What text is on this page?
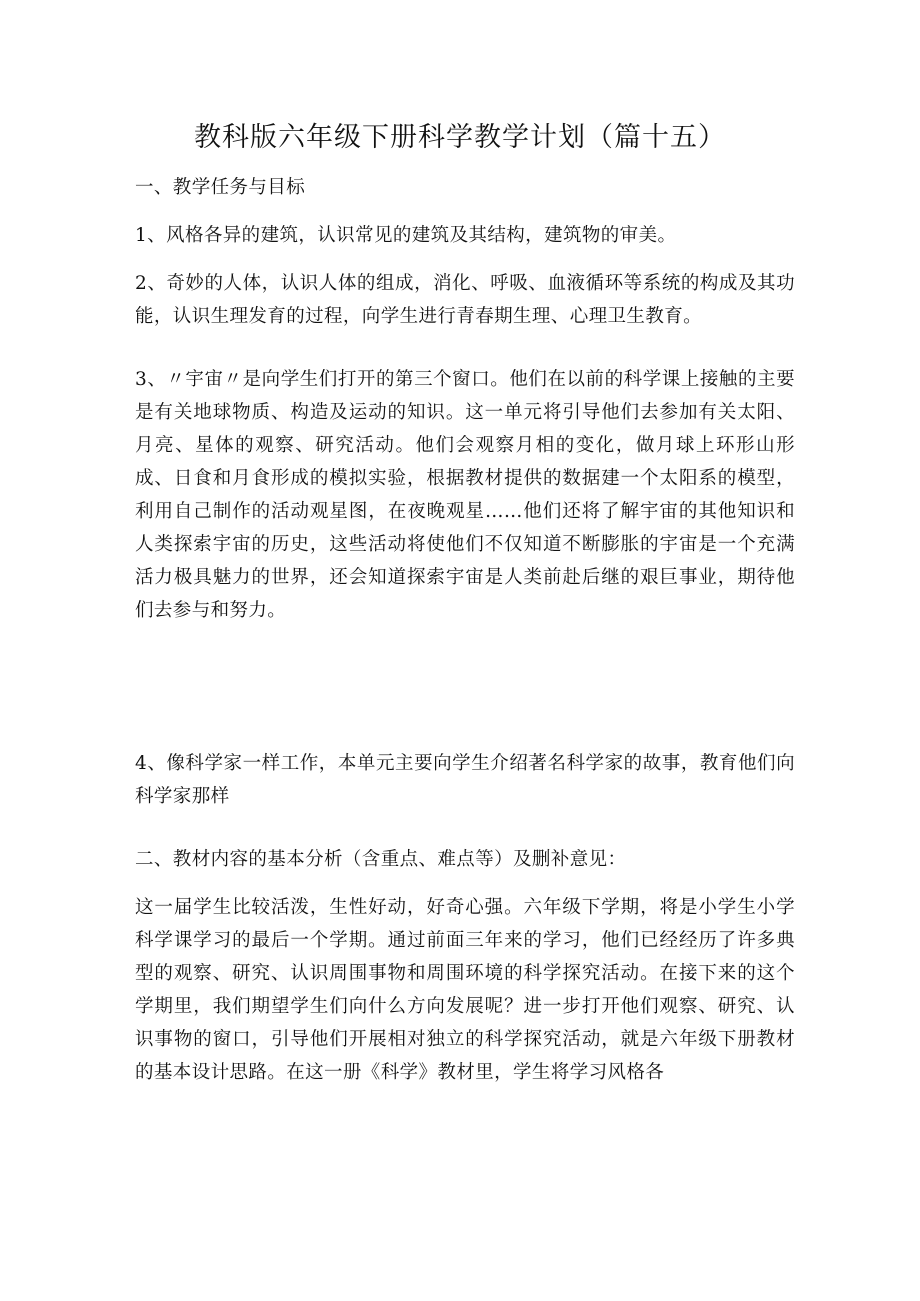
教科版六年级下册科学教学计划（篇十五）
一、教学任务与目标

1、风格各异的建筑，认识常见的建筑及其结构，建筑物的审美。

2、奇妙的人体，认识人体的组成，消化、呼吸、血液循环等系统的构成及其功能，认识生理发育的过程，向学生进行青春期生理、心理卫生教育。

3、〃宇宙〃是向学生们打开的第三个窗口。他们在以前的科学课上接触的主要是有关地球物质、构造及运动的知识。这一单元将引导他们去参加有关太阳、月亮、星体的观察、研究活动。他们会观察月相的变化，做月球上环形山形成、日食和月食形成的模拟实验，根据教材提供的数据建一个太阳系的模型，利用自己制作的活动观星图，在夜晚观星……他们还将了解宇宙的其他知识和人类探索宇宙的历史，这些活动将使他们不仅知道不断膨胀的宇宙是一个充满活力极具魅力的世界，还会知道探索宇宙是人类前赴后继的艰巨事业，期待他们去参与和努力。

4、像科学家一样工作，本单元主要向学生介绍著名科学家的故事，教育他们向科学家那样

二、教材内容的基本分析（含重点、难点等）及删补意见：

这一届学生比较活泼，生性好动，好奇心强。六年级下学期，将是小学生小学科学课学习的最后一个学期。通过前面三年来的学习，他们已经经历了许多典型的观察、研究、认识周围事物和周围环境的科学探究活动。在接下来的这个学期里，我们期望学生们向什么方向发展呢？进一步打开他们观察、研究、认识事物的窗口，引导他们开展相对独立的科学探究活动，就是六年级下册教材的基本设计思路。在这一册《科学》教材里，学生将学习风格各
